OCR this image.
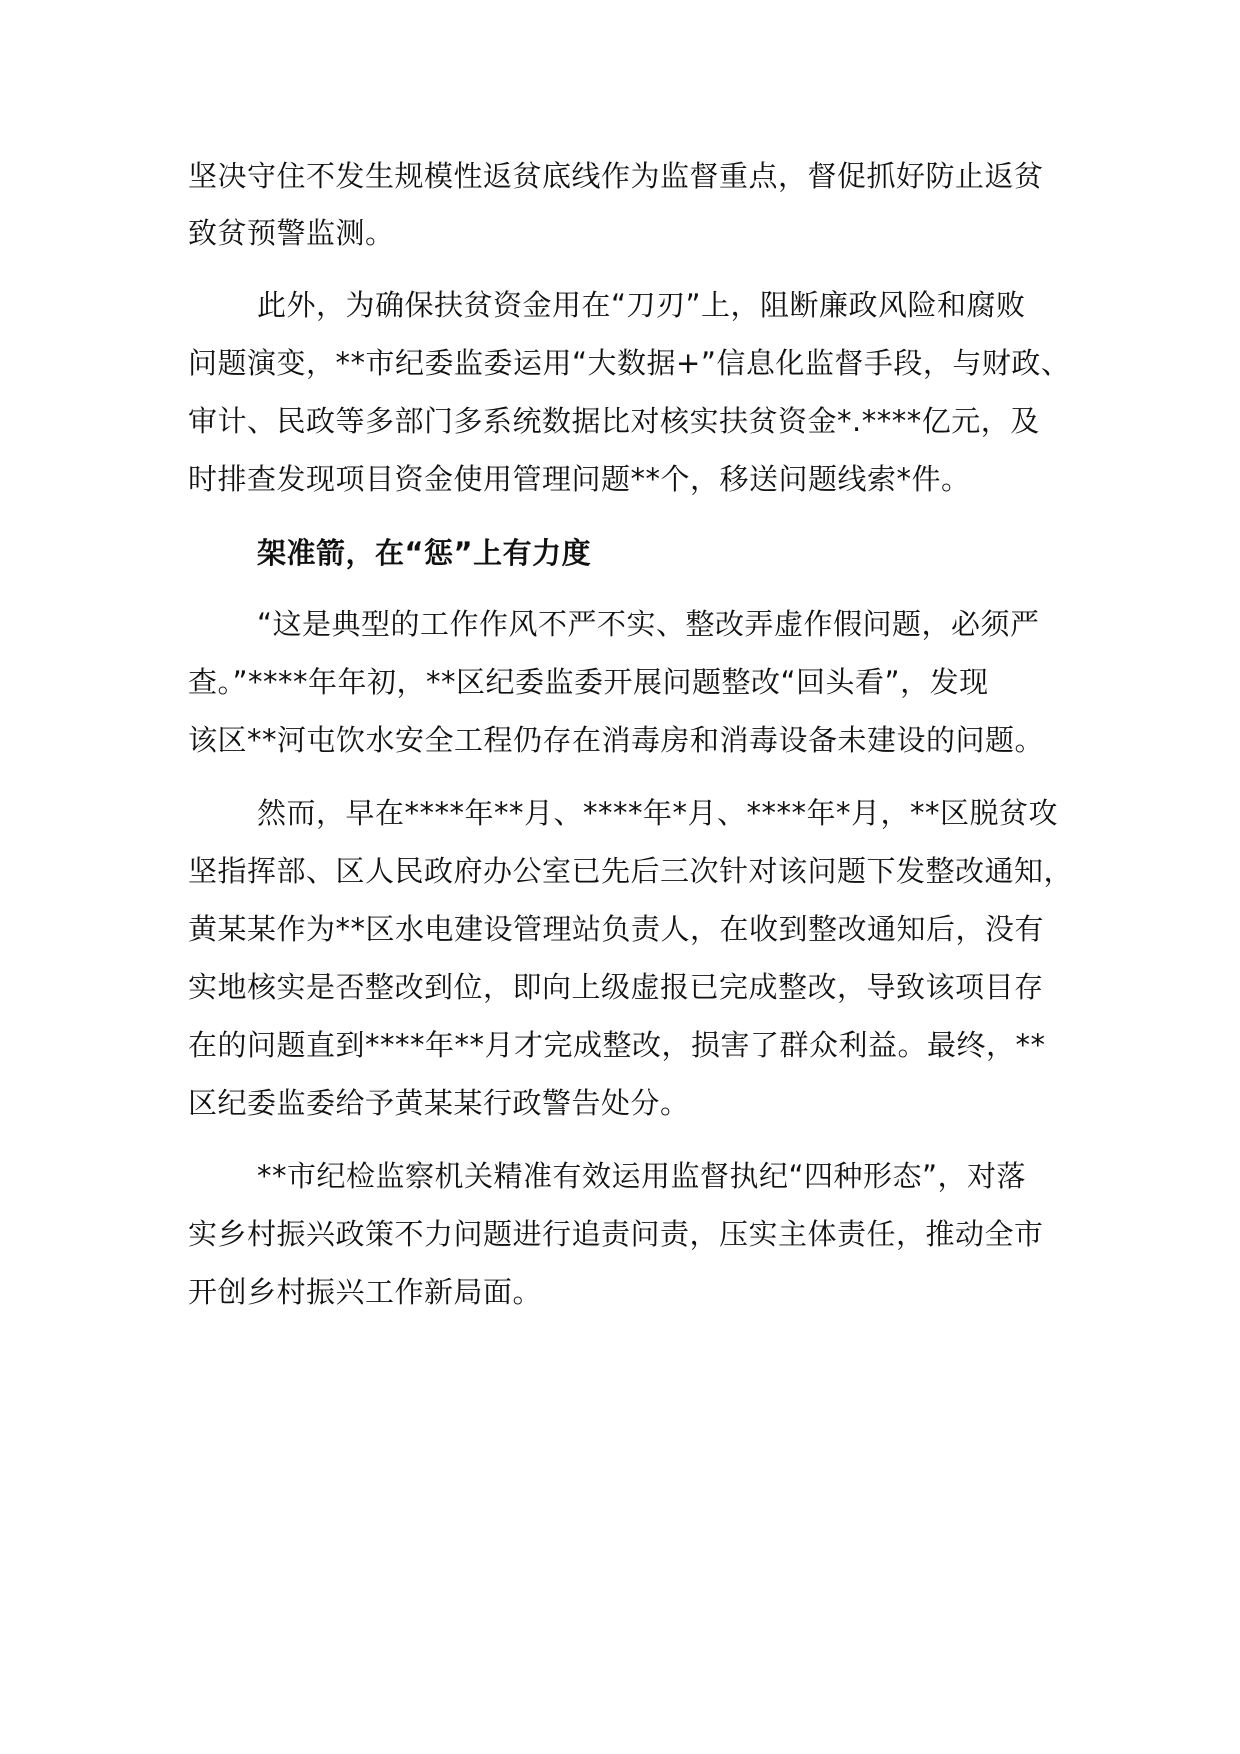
坚决守住不发生规模性返贫底线作为监督重点，督促抓好防止返贫
致贫预警监测。
此外，为确保扶贫资金用在“刀刃”上，阻断廉政风险和腐败
问题演变，**市纪委监委运用“大数据+”信息化监督手段，与财政、
审计、民政等多部门多系统数据比对核实扶贫资金*.****亿元，及
时排查发现项目资金使用管理问题**个，移送问题线索*件。
架准箭，在“惩”上有力度
“这是典型的工作作风不严不实、整改弄虚作假问题，必须严
查。”****年年初，**区纪委监委开展问题整改“回头看”，发现
该区**河屯饮水安全工程仍存在消毒房和消毒设备未建设的问题。
然而，早在****年**月、****年*月、****年*月，**区脱贫攻
坚指挥部、区人民政府办公室已先后三次针对该问题下发整改通知，
黄某某作为**区水电建设管理站负责人，在收到整改通知后，没有
实地核实是否整改到位，即向上级虚报已完成整改，导致该项目存
在的问题直到****年**月才完成整改，损害了群众利益。最终，**
区纪委监委给予黄某某行政警告处分。
**市纪检监察机关精准有效运用监督执纪“四种形态”，对落
实乡村振兴政策不力问题进行追责问责，压实主体责任，推动全市
开创乡村振兴工作新局面。
